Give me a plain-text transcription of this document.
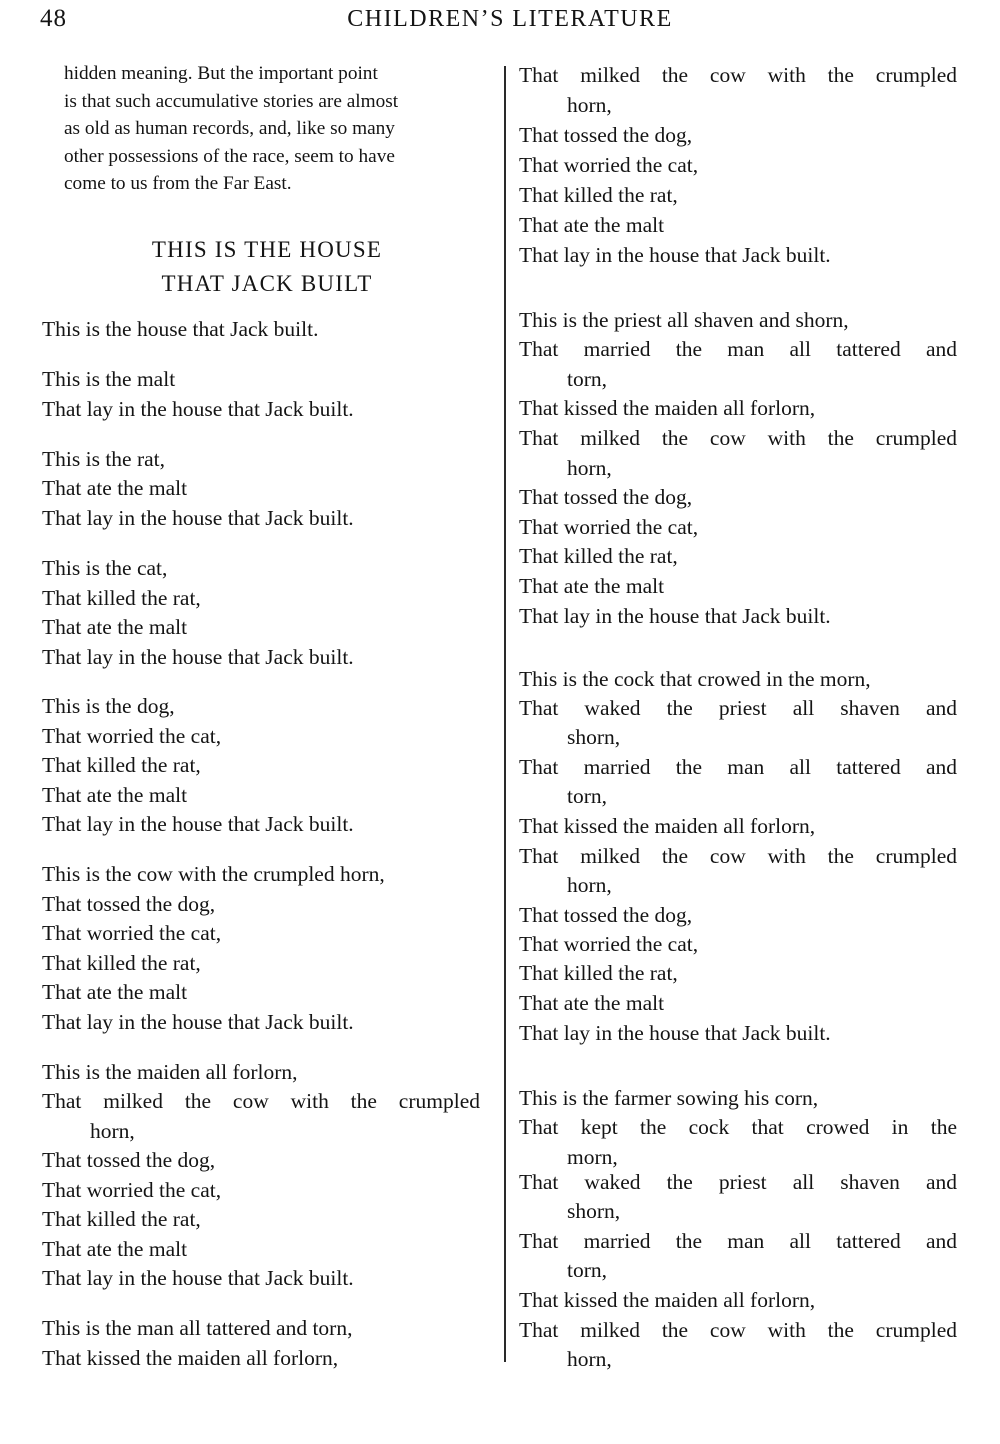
48	CHILDREN’S LITERATURE
hidden meaning. But the important point
is that such accumulative stories are almost
as old as human records, and, like so many
other possessions of the race, seem to have
come to us from the Far East.
THIS IS THE HOUSE
THAT JACK BUILT
This is the house that Jack built.
This is the malt
That lay in the house that Jack built.
This is the rat,
That ate the malt
That lay in the house that Jack built.
This is the cat,
That killed the rat,
That ate the malt
That lay in the house that Jack built.
This is the dog,
That worried the cat,
That killed the rat,
That ate the malt
That lay in the house that Jack built.
This is the cow with the crumpled horn,
That tossed the dog,
That worried the cat,
That killed the rat,
That ate the malt
That lay in the house that Jack built.
This is the maiden all forlorn,
That milked the cow with the crumpled
horn,
That tossed the dog,
That worried the cat,
That killed the rat,
That ate the malt
That lay in the house that Jack built.
This is the man all tattered and torn,
That kissed the maiden all forlorn,
That milked the cow with the crumpled
horn,
That tossed the dog,
That worried the cat,
That killed the rat,
That ate the malt
That lay in the house that Jack built.
This is the priest all shaven and shorn,
That married the man all tattered and
torn,
That kissed the maiden all forlorn,
That milked the cow with the crumpled
horn,
That tossed the dog,
That worried the cat,
That killed the rat,
That ate the malt
That lay in the house that Jack built.
This is the cock that crowed in the morn,
That waked the priest all shaven and
shorn,
That married the man all tattered and
torn,
That kissed the maiden all forlorn,
That milked the cow with the crumpled
horn,
That tossed the dog,
That worried the cat,
That killed the rat,
That ate the malt
That lay in the house that Jack built.
This is the farmer sowing his corn,
That kept the cock that crowed in the
morn,
That waked the priest all shaven and
shorn,
That married the man all tattered and
torn,
That kissed the maiden all forlorn,
That milked the cow with the crumpled
horn,
